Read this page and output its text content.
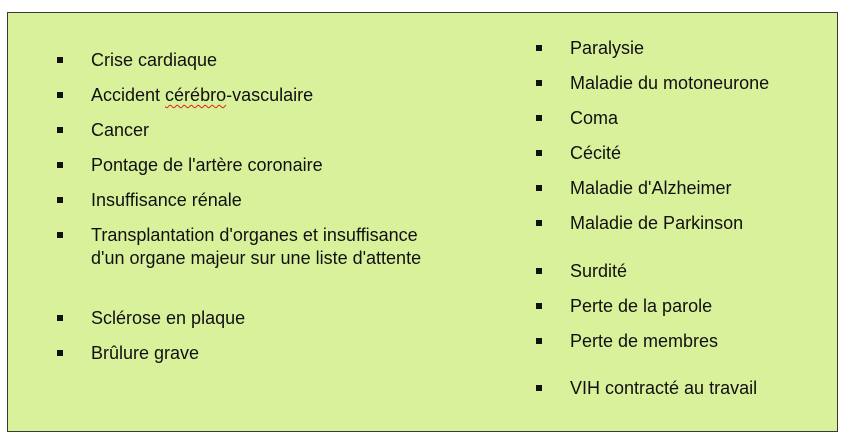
Crise cardiaque
Accident cérébro-vasculaire
Cancer
Pontage de l'artère coronaire
Insuffisance rénale
Transplantation d'organes et insuffisance
d'un organe majeur sur une liste d'attente
Sclérose en plaque
Brûlure grave
Paralysie
Maladie du motoneurone
Coma
Cécité
Maladie d'Alzheimer
Maladie de Parkinson
Surdité
Perte de la parole
Perte de membres
VIH contracté au travail
